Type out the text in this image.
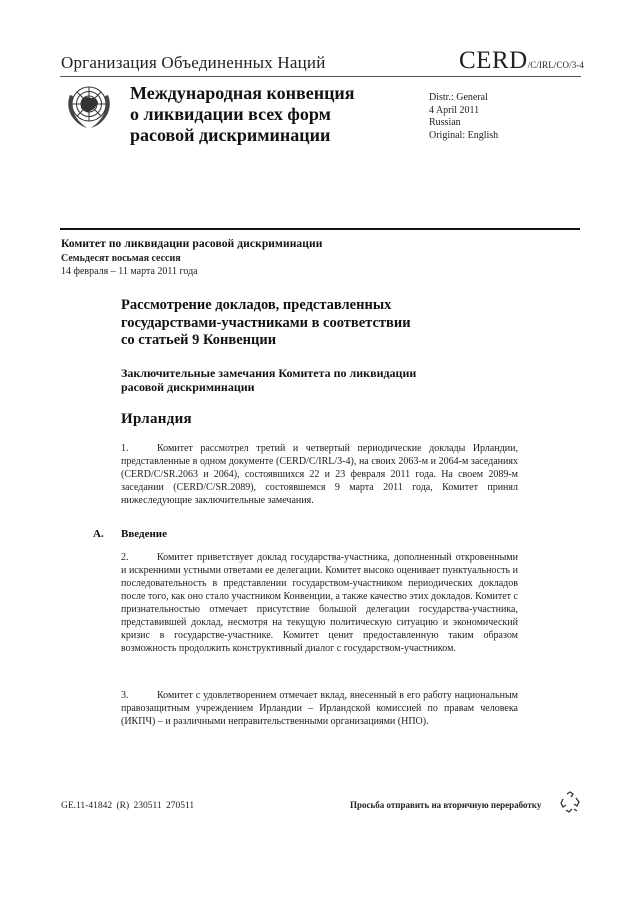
Организация Объединенных Наций	CERD/C/IRL/CO/3-4
Международная конвенция
о ликвидации всех форм
расовой дискриминации
Distr.: General
4 April 2011
Russian
Original: English
Комитет по ликвидации расовой дискриминации
Семьдесят восьмая сессия
14 февраля – 11 марта 2011 года
Рассмотрение докладов, представленных
государствами-участниками в соответствии
со статьей 9 Конвенции
Заключительные замечания Комитета по ликвидации
расовой дискриминации
Ирландия
1.	Комитет рассмотрел третий и четвертый периодические доклады Ирландии, представленные в одном документе (CERD/C/IRL/3-4), на своих 2063-м и 2064-м заседаниях (CERD/C/SR.2063 и 2064), состоявшихся 22 и 23 февраля 2011 года. На своем 2089-м заседании (CERD/C/SR.2089), состоявшемся 9 марта 2011 года, Комитет принял нижеследующие заключительные замечания.
A. Введение
2.	Комитет приветствует доклад государства-участника, дополненный откровенными и искренними устными ответами ее делегации. Комитет высоко оценивает пунктуальность и последовательность в представлении государством-участником периодических докладов после того, как оно стало участником Конвенции, а также качество этих докладов. Комитет с признательностью отмечает присутствие большой делегации государства-участника, представившей доклад, несмотря на текущую политическую ситуацию и экономический кризис в государстве-участнике. Комитет ценит предоставленную таким образом возможность продолжить конструктивный диалог с государством-участником.
3.	Комитет с удовлетворением отмечает вклад, внесенный в его работу национальным правозащитным учреждением Ирландии – Ирландской комиссией по правам человека (ИКПЧ) – и различными неправительственными организациями (НПО).
GE.11-41842 (R) 230511 270511	Просьба отправить на вторичную переработку
